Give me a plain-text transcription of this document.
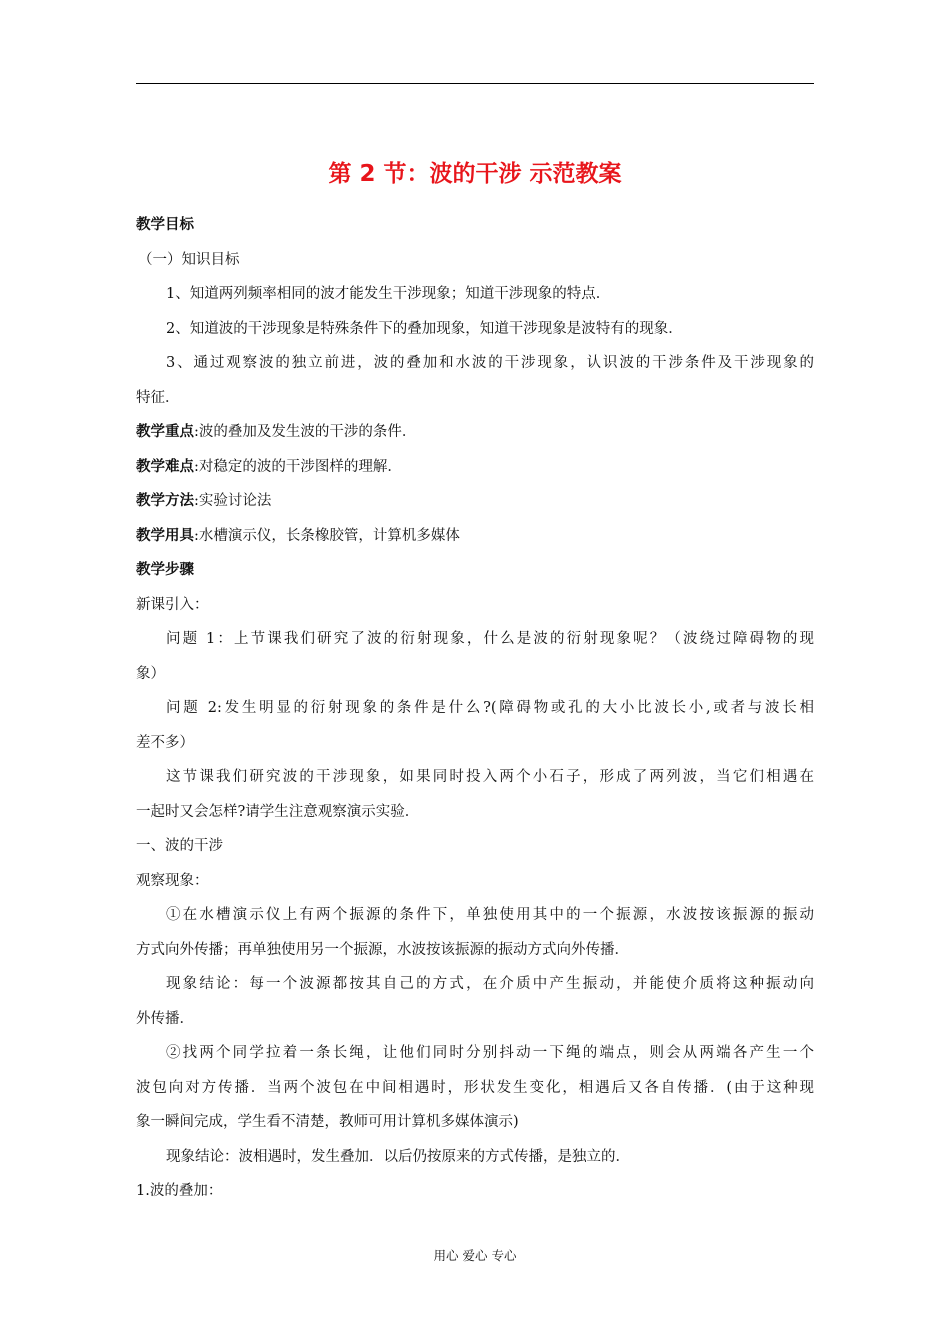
第 2 节：波的干涉 示范教案
教学目标
（一）知识目标
1、知道两列频率相同的波才能发生干涉现象；知道干涉现象的特点．
2、知道波的干涉现象是特殊条件下的叠加现象，知道干涉现象是波特有的现象．
3、通过观察波的独立前进，波的叠加和水波的干涉现象，认识波的干涉条件及干涉现象的
特征．
教学重点:波的叠加及发生波的干涉的条件．
教学难点:对稳定的波的干涉图样的理解．
教学方法:实验讨论法
教学用具:水槽演示仪，长条橡胶管，计算机多媒体
教学步骤
新课引入：
问题 1：上节课我们研究了波的衍射现象，什么是波的衍射现象呢？（波绕过障碍物的现
象）
问题 2:发生明显的衍射现象的条件是什么?(障碍物或孔的大小比波长小,或者与波长相
差不多）
这节课我们研究波的干涉现象，如果同时投入两个小石子，形成了两列波，当它们相遇在
一起时又会怎样?请学生注意观察演示实验．
一、波的干涉
观察现象：
①在水槽演示仪上有两个振源的条件下，单独使用其中的一个振源，水波按该振源的振动
方式向外传播；再单独使用另一个振源，水波按该振源的振动方式向外传播．
现象结论：每一个波源都按其自己的方式，在介质中产生振动，并能使介质将这种振动向
外传播．
②找两个同学拉着一条长绳，让他们同时分别抖动一下绳的端点，则会从两端各产生一个
波包向对方传播．当两个波包在中间相遇时，形状发生变化，相遇后又各自传播．(由于这种现
象一瞬间完成，学生看不清楚，教师可用计算机多媒体演示)
现象结论：波相遇时，发生叠加．以后仍按原来的方式传播，是独立的．
1.波的叠加：
用心 爱心 专心
